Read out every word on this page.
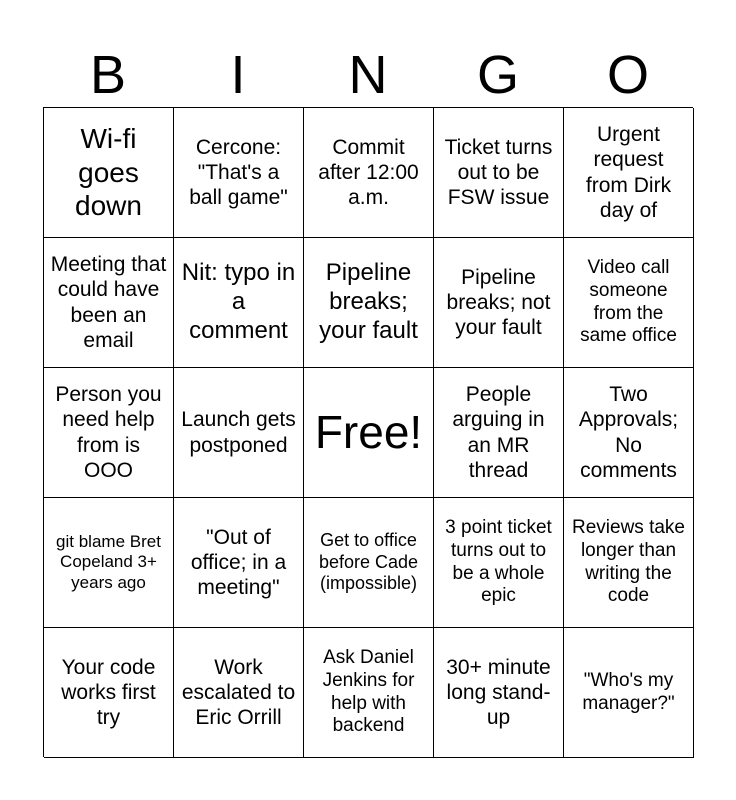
B	I	N	G	O
Wi-fi goes down
Cercone: "That's a ball game"
Commit after 12:00 a.m.
Ticket turns out to be FSW issue
Urgent request from Dirk day of
Meeting that could have been an email
Nit: typo in a comment
Pipeline breaks; your fault
Pipeline breaks; not your fault
Video call someone from the same office
Person you need help from is OOO
Launch gets postponed Free!
People arguing in an MR thread
Two Approvals; No comments
git blame Bret Copeland 3+ years ago
"Out of office; in a meeting"
Get to office before Cade (impossible)
3 point ticket turns out to be a whole epic
Reviews take longer than writing the code
Your code works first try
Work escalated to Eric Orrill
Ask Daniel Jenkins for help with backend
30+ minute long stand-up
"Who's my manager?"
